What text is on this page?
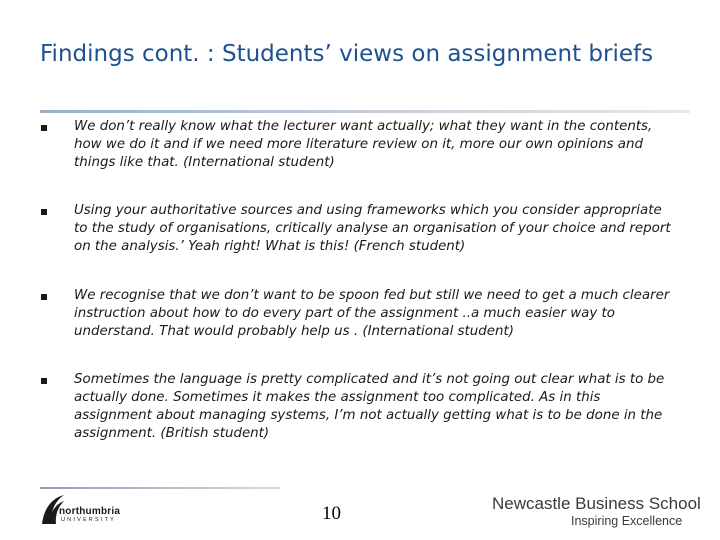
Findings cont. : Students’ views on assignment briefs
We don’t really know what the lecturer want actually; what they want in the contents, how we do it and if we need more literature review on it, more our own opinions and things like that. (International student)
Using your authoritative sources and using frameworks which you consider appropriate to the study of organisations, critically analyse an organisation of your choice and report on the analysis.’ Yeah right! What is this! (French student)
We recognise that we don’t want to be spoon fed but still we need to get a much clearer instruction about how to do every part of the assignment ..a much easier way to understand. That would probably help us . (International student)
Sometimes the language is pretty complicated and it’s not going out clear what is to be actually done. Sometimes it makes the assignment too complicated. As in this assignment about managing systems, I’m not actually getting what is to be done in the assignment. (British student)
northumbria
UNIVERSITY	10	Newcastle Business School
Inspiring Excellence
